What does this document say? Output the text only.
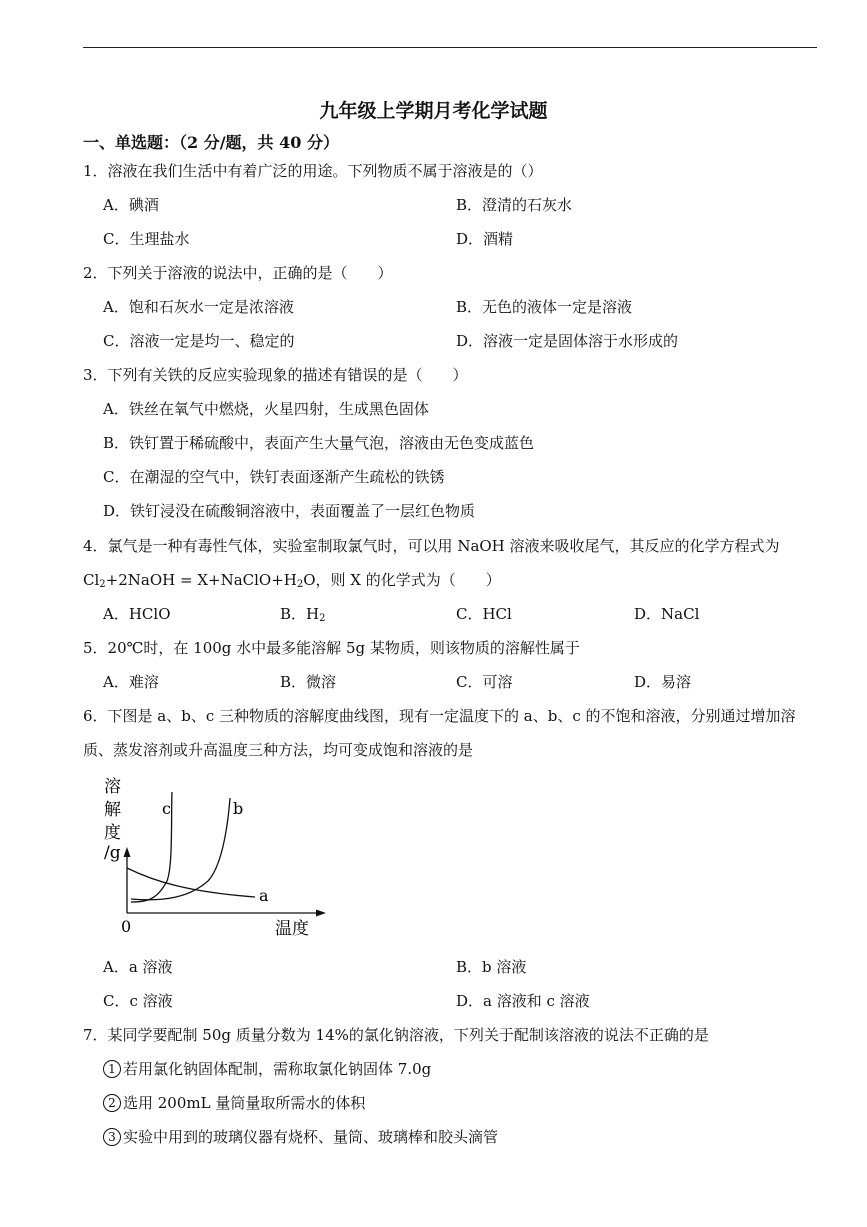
九年级上学期月考化学试题
一、单选题：（2 分/题，共 40 分）
1．溶液在我们生活中有着广泛的用途。下列物质不属于溶液是的（）
A．碘酒	B．澄清的石灰水
C．生理盐水	D．酒精
2．下列关于溶液的说法中，正确的是（　　）
A．饱和石灰水一定是浓溶液	B．无色的液体一定是溶液
C．溶液一定是均一、稳定的	D．溶液一定是固体溶于水形成的
3．下列有关铁的反应实验现象的描述有错误的是（　　）
A．铁丝在氧气中燃烧，火星四射，生成黑色固体
B．铁钉置于稀硫酸中，表面产生大量气泡，溶液由无色变成蓝色
C．在潮湿的空气中，铁钉表面逐渐产生疏松的铁锈
D．铁钉浸没在硫酸铜溶液中，表面覆盖了一层红色物质
4．氯气是一种有毒性气体，实验室制取氯气时，可以用 NaOH 溶液来吸收尾气，其反应的化学方程式为
$Cl_2+2NaOH$ = $X+NaClO+H_2O$，则 X 的化学式为（　　）
A．HClO	B．$H_2$	C．HCl	D．NaCl
5．20℃时，在 100g 水中最多能溶解 5g 某物质，则该物质的溶解性属于
A．难溶	B．微溶	C．可溶	D．易溶
6．下图是 a、b、c 三种物质的溶解度曲线图，现有一定温度下的 a、b、c 的不饱和溶液，分别通过增加溶
质、蒸发溶剂或升高温度三种方法，均可变成饱和溶液的是
溶
解
度
/g
c	b
a
0	温度
A．a 溶液	B．b 溶液
C．c 溶液	D．a 溶液和 c 溶液
7．某同学要配制 50g 质量分数为 14%的氯化钠溶液，下列关于配制该溶液的说法不正确的是
1 若用氯化钠固体配制，需称取氯化钠固体 7.0g
2 选用 200mL 量筒量取所需水的体积
3 实验中用到的玻璃仪器有烧杯、量筒、玻璃棒和胶头滴管
